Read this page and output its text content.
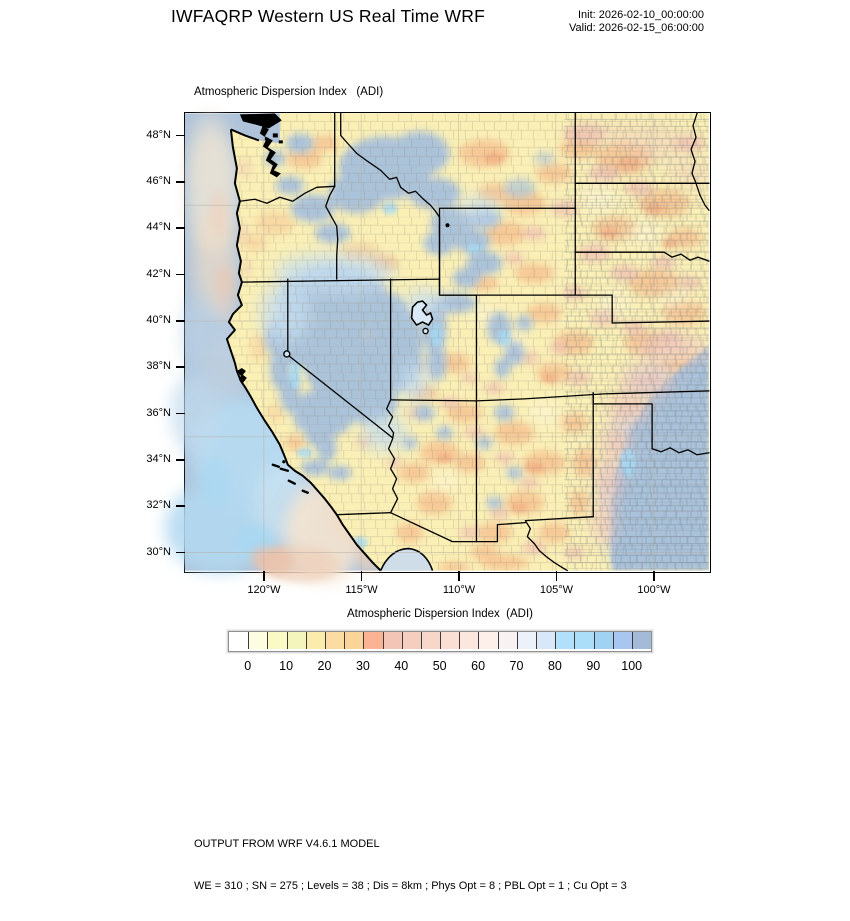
IWFAQRP Western US Real Time WRF	Init: 2026-02-10_00:00:00
Valid: 2026-02-15_06:00:00
Atmospheric Dispersion Index   (ADI)
48°N
46°N
44°N
42°N
40°N
38°N
36°N
34°N
32°N
30°N
120°W	115°W	110°W	105°W	100°W
Atmospheric Dispersion Index  (ADI)
0	10	20	30	40	50	60	70	80	90	100

OUTPUT FROM WRF V4.6.1 MODEL

WE = 310 ; SN = 275 ; Levels = 38 ; Dis = 8km ; Phys Opt = 8 ; PBL Opt = 1 ; Cu Opt = 3
